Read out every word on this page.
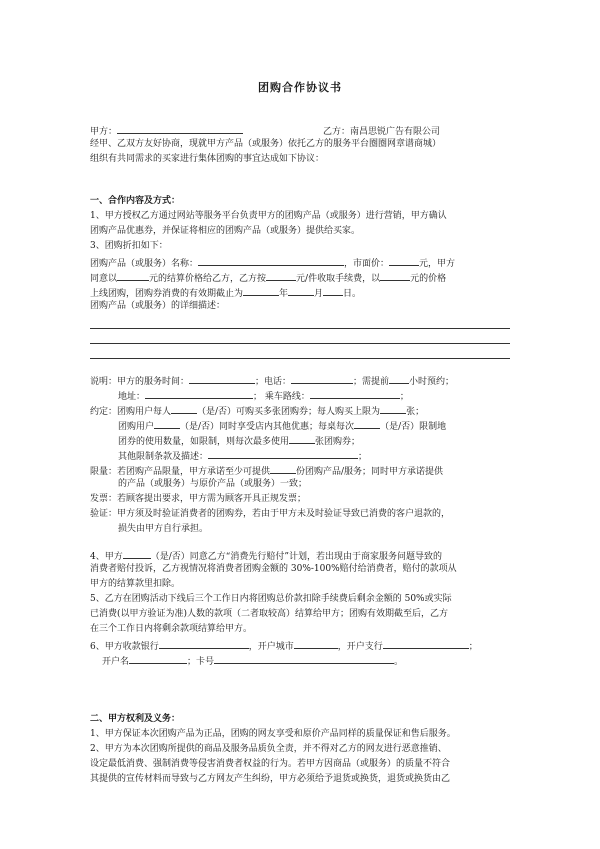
团购合作协议书
甲方：	乙方：南昌思锐广告有限公司
经甲、乙双方友好协商，现就甲方产品（或服务）依托乙方的服务平台圈圈网章谱商城）
组织有共同需求的买家进行集体团购的事宜达成如下协议：
一、合作内容及方式：
1、甲方授权乙方通过网站等服务平台负责甲方的团购产品（或服务）进行营销，甲方确认
团购产品优惠券，并保证将相应的团购产品（或服务）提供给买家。
3、团购折扣如下：
团购产品（或服务）名称：	，市面价：	元，甲方
同意以	元的结算价格给乙方，乙方按	元/件收取手续费，以	元的价格
上线团购，团购券消费的有效期截止为	年	月 日。
团购产品（或服务）的详细描述：
说明：甲方的服务时间：	；电话：	；需提前 小时预约；
地址：	； 乘车路线：	；
约定：团购用户每人	（是/否）可购买多张团购券；每人购买上限为	张；
团购用户	（是/否）同时享受店内其他优惠；每桌每次	（是/否）限制地
团券的使用数量，如限制，则每次最多使用	张团购券；
其他限制条款及描述：	；
限量：若团购产品限量，甲方承诺至少可提供	份团购产品/服务；同时甲方承诺提供
的产品（或服务）与原价产品（或服务）一致；
发票：若顾客提出要求，甲方需为顾客开具正规发票；
验证：甲方须及时验证消费者的团购券，若由于甲方未及时验证导致已消费的客户退款的，
损失由甲方自行承担。
4、甲方	（是/否）同意乙方“消费先行赔付”计划，若出现由于商家服务问题导致的
消费者赔付投诉，乙方视情况将消费者团购金额的 30%-100%赔付给消费者，赔付的款项从
甲方的结算款里扣除。
5、乙方在团购活动下线后三个工作日内将团购总价款扣除手续费后剩余金额的 50%或实际
已消费(以甲方验证为准)人数的款项（二者取较高）结算给甲方；团购有效期截至后，乙方
在三个工作日内将剩余款项结算给甲方。
6、甲方收款银行	，开户城市	，开户支行	；
开户名	；卡号	。
二、甲方权利及义务：
1、甲方保证本次团购产品为正品，团购的网友享受和原价产品同样的质量保证和售后服务。
2、甲方为本次团购所提供的商品及服务品质负全责，并不得对乙方的网友进行恶意推销、
设定最低消费、强制消费等侵害消费者权益的行为。若甲方因商品（或服务）的质量不符合
其提供的宣传材料而导致与乙方网友产生纠纷，甲方必须给予退货或换货，退货或换货由乙
